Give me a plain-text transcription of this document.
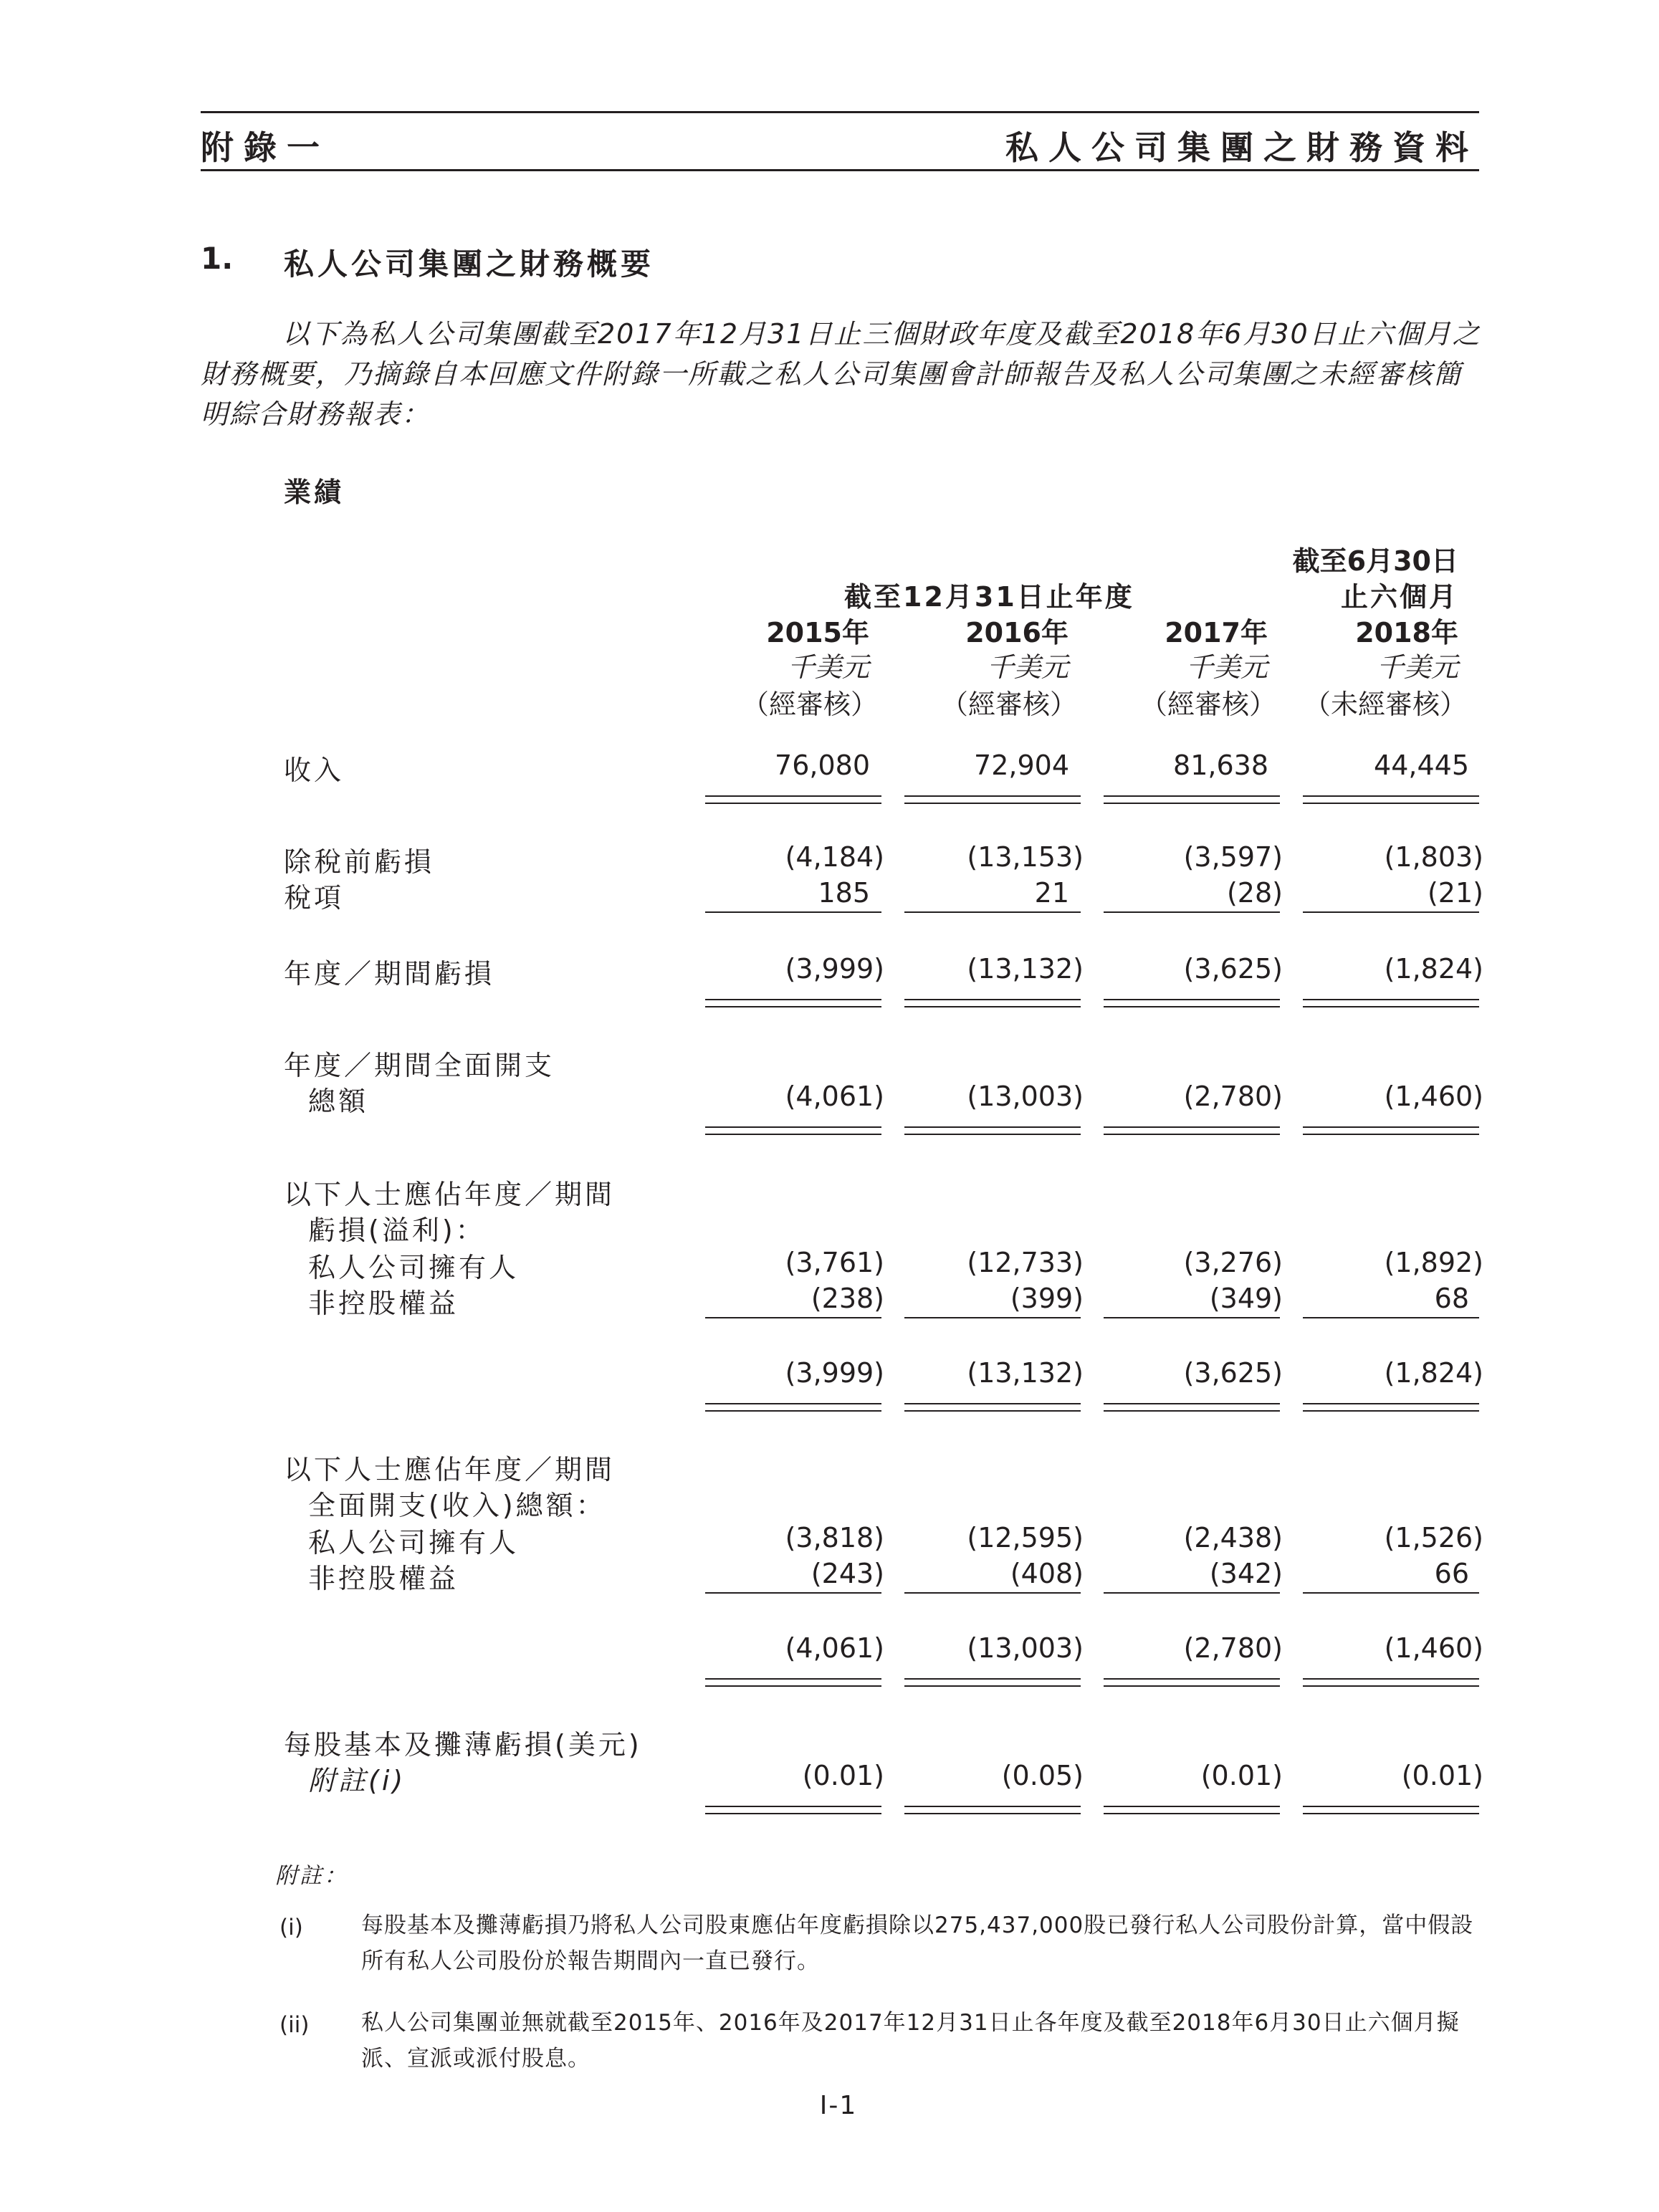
附錄一	私人公司集團之財務資料
1. 私人公司集團之財務概要
以下為私人公司集團截至2017年12月31日止三個財政年度及截至2018年6月30日止六個月之財務概要，乃摘錄自本回應文件附錄一所載之私人公司集團會計師報告及私人公司集團之未經審核簡明綜合財務報表：
業績
截至6月30日
截至12月31日止年度	止六個月
2015年	2016年	2017年	2018年
千美元	千美元	千美元	千美元
（經審核） （經審核） （經審核） （未經審核）
收入	76,080	72,904	81,638	44,445
除稅前虧損	(4,184)	(13,153)	(3,597)	(1,803)
稅項	185	21	(28)	(21)
年度／期間虧損	(3,999)	(13,132)	(3,625)	(1,824)
年度／期間全面開支
總額	(4,061)	(13,003)	(2,780)	(1,460)
以下人士應佔年度／期間
虧損(溢利)：
私人公司擁有人	(3,761)	(12,733)	(3,276)	(1,892)
非控股權益	(238)	(399)	(349)	68
(3,999)	(13,132)	(3,625)	(1,824)
以下人士應佔年度／期間
全面開支(收入)總額：
私人公司擁有人	(3,818)	(12,595)	(2,438)	(1,526)
非控股權益	(243)	(408)	(342)	66
(4,061)	(13,003)	(2,780)	(1,460)
每股基本及攤薄虧損(美元)
附註(i)	(0.01)	(0.05)	(0.01)	(0.01)
附註：
(i)	每股基本及攤薄虧損乃將私人公司股東應佔年度虧損除以275,437,000股已發行私人公司股份計算，當中假設所有私人公司股份於報告期間內一直已發行。
(ii) 私人公司集團並無就截至2015年、2016年及2017年12月31日止各年度及截至2018年6月30日止六個月擬派、宣派或派付股息。
I-1
